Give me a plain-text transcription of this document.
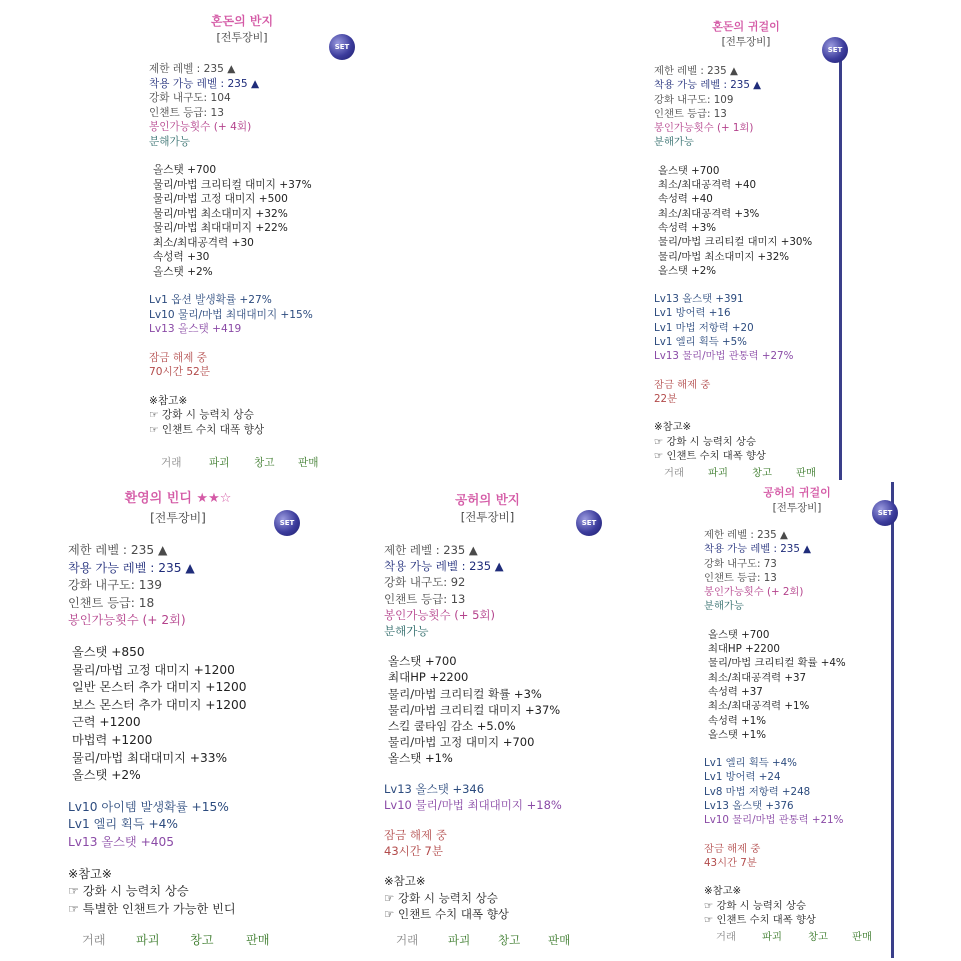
혼돈의 반지
[전투장비]
SET
제한 레벨 : 235 ▲
착용 가능 레벨 : 235 ▲
강화 내구도: 104
인챈트 등급: 13
봉인가능횟수 (+ 4회)
분해가능
올스탯 +700
물리/마법 크리티컬 대미지 +37%
물리/마법 고정 대미지 +500
물리/마법 최소대미지 +32%
물리/마법 최대대미지 +22%
최소/최대공격력 +30
속성력 +30
올스탯 +2%
Lv1 옵션 발생확률 +27%
Lv10 물리/마법 최대대미지 +15%
Lv13 올스탯 +419
잠금 해제 중
70시간 52분
※참고※
☞ 강화 시 능력치 상승
☞ 인챈트 수치 대폭 향상
거래	파괴	창고	판매
혼돈의 귀걸이
[전투장비]
SET
제한 레벨 : 235 ▲
착용 가능 레벨 : 235 ▲
강화 내구도: 109
인챈트 등급: 13
봉인가능횟수 (+ 1회)
분해가능
올스탯 +700
최소/최대공격력 +40
속성력 +40
최소/최대공격력 +3%
속성력 +3%
물리/마법 크리티컬 대미지 +30%
물리/마법 최소대미지 +32%
올스탯 +2%
Lv13 올스탯 +391
Lv1 방어력 +16
Lv1 마법 저항력 +20
Lv1 엘리 획득 +5%
Lv13 물리/마법 관통력 +27%
잠금 해제 중
22분
※참고※
☞ 강화 시 능력치 상승
☞ 인챈트 수치 대폭 향상
거래	파괴	창고	판매
환영의 빈디 ★★☆
[전투장비]	SET
제한 레벨 : 235 ▲
착용 가능 레벨 : 235 ▲
강화 내구도: 139
인챈트 등급: 18
봉인가능횟수 (+ 2회)
올스탯 +850
물리/마법 고정 대미지 +1200
일반 몬스터 추가 대미지 +1200
보스 몬스터 추가 대미지 +1200
근력 +1200
마법력 +1200
물리/마법 최대대미지 +33%
올스탯 +2%
Lv10 아이템 발생확률 +15%
Lv1 엘리 획득 +4%
Lv13 올스탯 +405
※참고※
☞ 강화 시 능력치 상승
☞ 특별한 인챈트가 가능한 빈디
거래	파괴	창고	판매
공허의 반지
[전투장비]	SET
제한 레벨 : 235 ▲
착용 가능 레벨 : 235 ▲
강화 내구도: 92
인챈트 등급: 13
봉인가능횟수 (+ 5회)
분해가능
올스탯 +700
최대HP +2200
물리/마법 크리티컬 확률 +3%
물리/마법 크리티컬 대미지 +37%
스킬 쿨타임 감소 +5.0%
물리/마법 고정 대미지 +700
올스탯 +1%
Lv13 올스탯 +346
Lv10 물리/마법 최대대미지 +18%
잠금 해제 중
43시간 7분
※참고※
☞ 강화 시 능력치 상승
☞ 인챈트 수치 대폭 향상
거래	파괴	창고	판매
공허의 귀걸이
[전투장비]	SET
제한 레벨 : 235 ▲
착용 가능 레벨 : 235 ▲
강화 내구도: 73
인챈트 등급: 13
봉인가능횟수 (+ 2회)
분해가능
올스탯 +700
최대HP +2200
물리/마법 크리티컬 확률 +4%
최소/최대공격력 +37
속성력 +37
최소/최대공격력 +1%
속성력 +1%
올스탯 +1%
Lv1 엘리 획득 +4%
Lv1 방어력 +24
Lv8 마법 저항력 +248
Lv13 올스탯 +376
Lv10 물리/마법 관통력 +21%
잠금 해제 중
43시간 7분
※참고※
☞ 강화 시 능력치 상승
☞ 인챈트 수치 대폭 향상
거래	파괴	창고	판매
